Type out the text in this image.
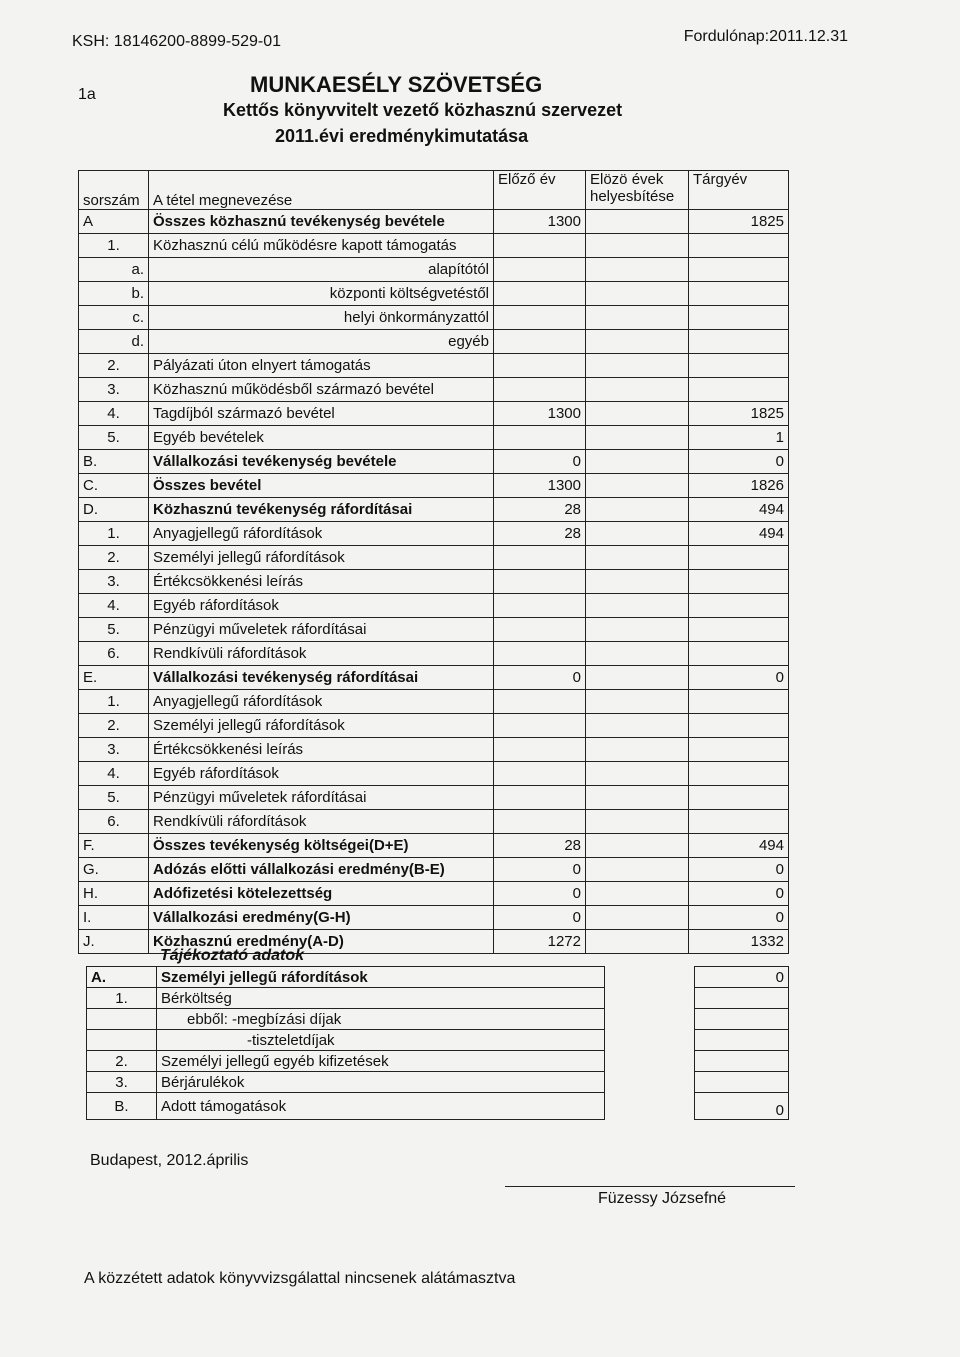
KSH: 18146200-8899-529-01	Fordulónap:2011.12.31
1a	MUNKAESÉLY SZÖVETSÉG
Kettős könyvvitelt vezető közhasznú szervezet
2011.évi eredménykimutatása
sorszám	A tétel megnevezése	Előző év	Elözö évek helyesbítése	Tárgyév
A	Összes közhasznú tevékenység bevétele	1300		1825
1.	Közhasznú célú működésre kapott támogatás			
a.	alapítótól			
b.	központi költségvetéstől			
c.	helyi önkormányzattól			
d.	egyéb			
2.	Pályázati úton elnyert támogatás			
3.	Közhasznú működésből származó bevétel			
4.	Tagdíjból származó bevétel	1300		1825
5.	Egyéb bevételek			1
B.	Vállalkozási tevékenység bevétele	0		0
C.	Összes bevétel	1300		1826
D.	Közhasznú tevékenység ráfordításai	28		494
1.	Anyagjellegű ráfordítások	28		494
2.	Személyi jellegű ráfordítások			
3.	Értékcsökkenési leírás			
4.	Egyéb ráfordítások			
5.	Pénzügyi műveletek ráfordításai			
6.	Rendkívüli ráfordítások			
E.	Vállalkozási tevékenység ráfordításai	0		0
1.	Anyagjellegű ráfordítások			
2.	Személyi jellegű ráfordítások			
3.	Értékcsökkenési leírás			
4.	Egyéb ráfordítások			
5.	Pénzügyi műveletek ráfordításai			
6.	Rendkívüli ráfordítások			
F.	Összes tevékenység költségei(D+E)	28		494
G.	Adózás előtti vállalkozási eredmény(B-E)	0		0
H.	Adófizetési kötelezettség	0		0
I.	Vállalkozási eredmény(G-H)	0		0
J.	Közhasznú eredmény(A-D)	1272		1332
Tájékoztató adatok
A.	Személyi jellegű ráfordítások		0
1.	Bérköltség		
	ebből: -megbízási díjak		
	-tiszteletdíjak		
2.	Személyi jellegű egyéb kifizetések		
3.	Bérjárulékok		
B.	Adott támogatások		0
Budapest, 2012.április
Füzessy Józsefné
A közzétett adatok könyvvizsgálattal nincsenek alátámasztva
